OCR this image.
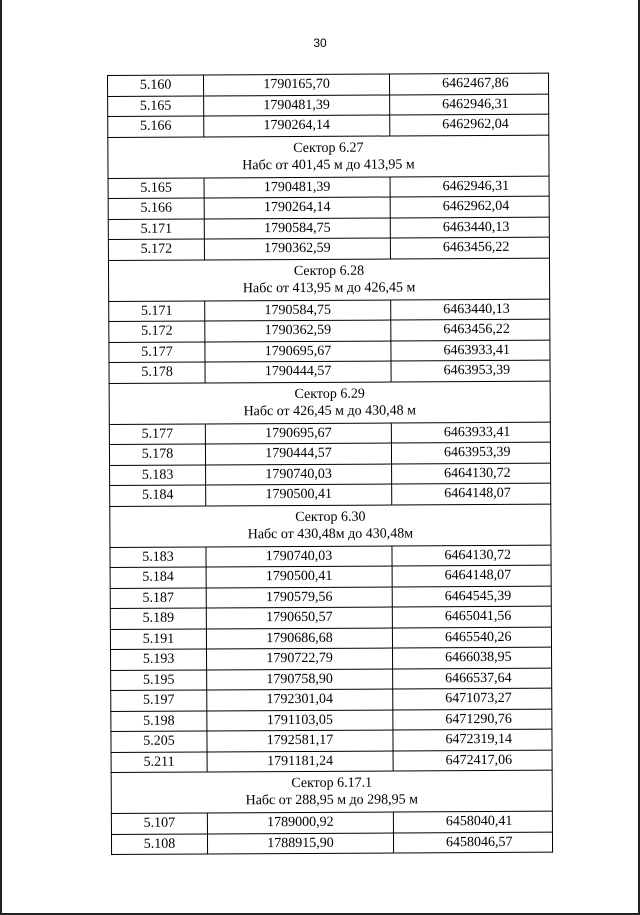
30
5.160	1790165,70	6462467,86
5.165	1790481,39	6462946,31
5.166	1790264,14	6462962,04

Сектор 6.27
Набс от 401,45 м до 413,95 м		

5.165	1790481,39	6462946,31
5.166	1790264,14	6462962,04
5.171	1790584,75	6463440,13
5.172	1790362,59	6463456,22

Сектор 6.28
Набс от 413,95 м до 426,45 м		

5.171	1790584,75	6463440,13
5.172	1790362,59	6463456,22
5.177	1790695,67	6463933,41
5.178	1790444,57	6463953,39

Сектор 6.29
Набс от 426,45 м до 430,48 м		

5.177	1790695,67	6463933,41
5.178	1790444,57	6463953,39
5.183	1790740,03	6464130,72
5.184	1790500,41	6464148,07

Сектор 6.30
Набс от 430,48м до 430,48м		

5.183	1790740,03	6464130,72
5.184	1790500,41	6464148,07
5.187	1790579,56	6464545,39
5.189	1790650,57	6465041,56
5.191	1790686,68	6465540,26
5.193	1790722,79	6466038,95
5.195	1790758,90	6466537,64
5.197	1792301,04	6471073,27
5.198	1791103,05	6471290,76
5.205	1792581,17	6472319,14
5.211	1791181,24	6472417,06

Сектор 6.17.1
Набс от 288,95 м до 298,95 м		

5.107	1789000,92	6458040,41
5.108	1788915,90	6458046,57
